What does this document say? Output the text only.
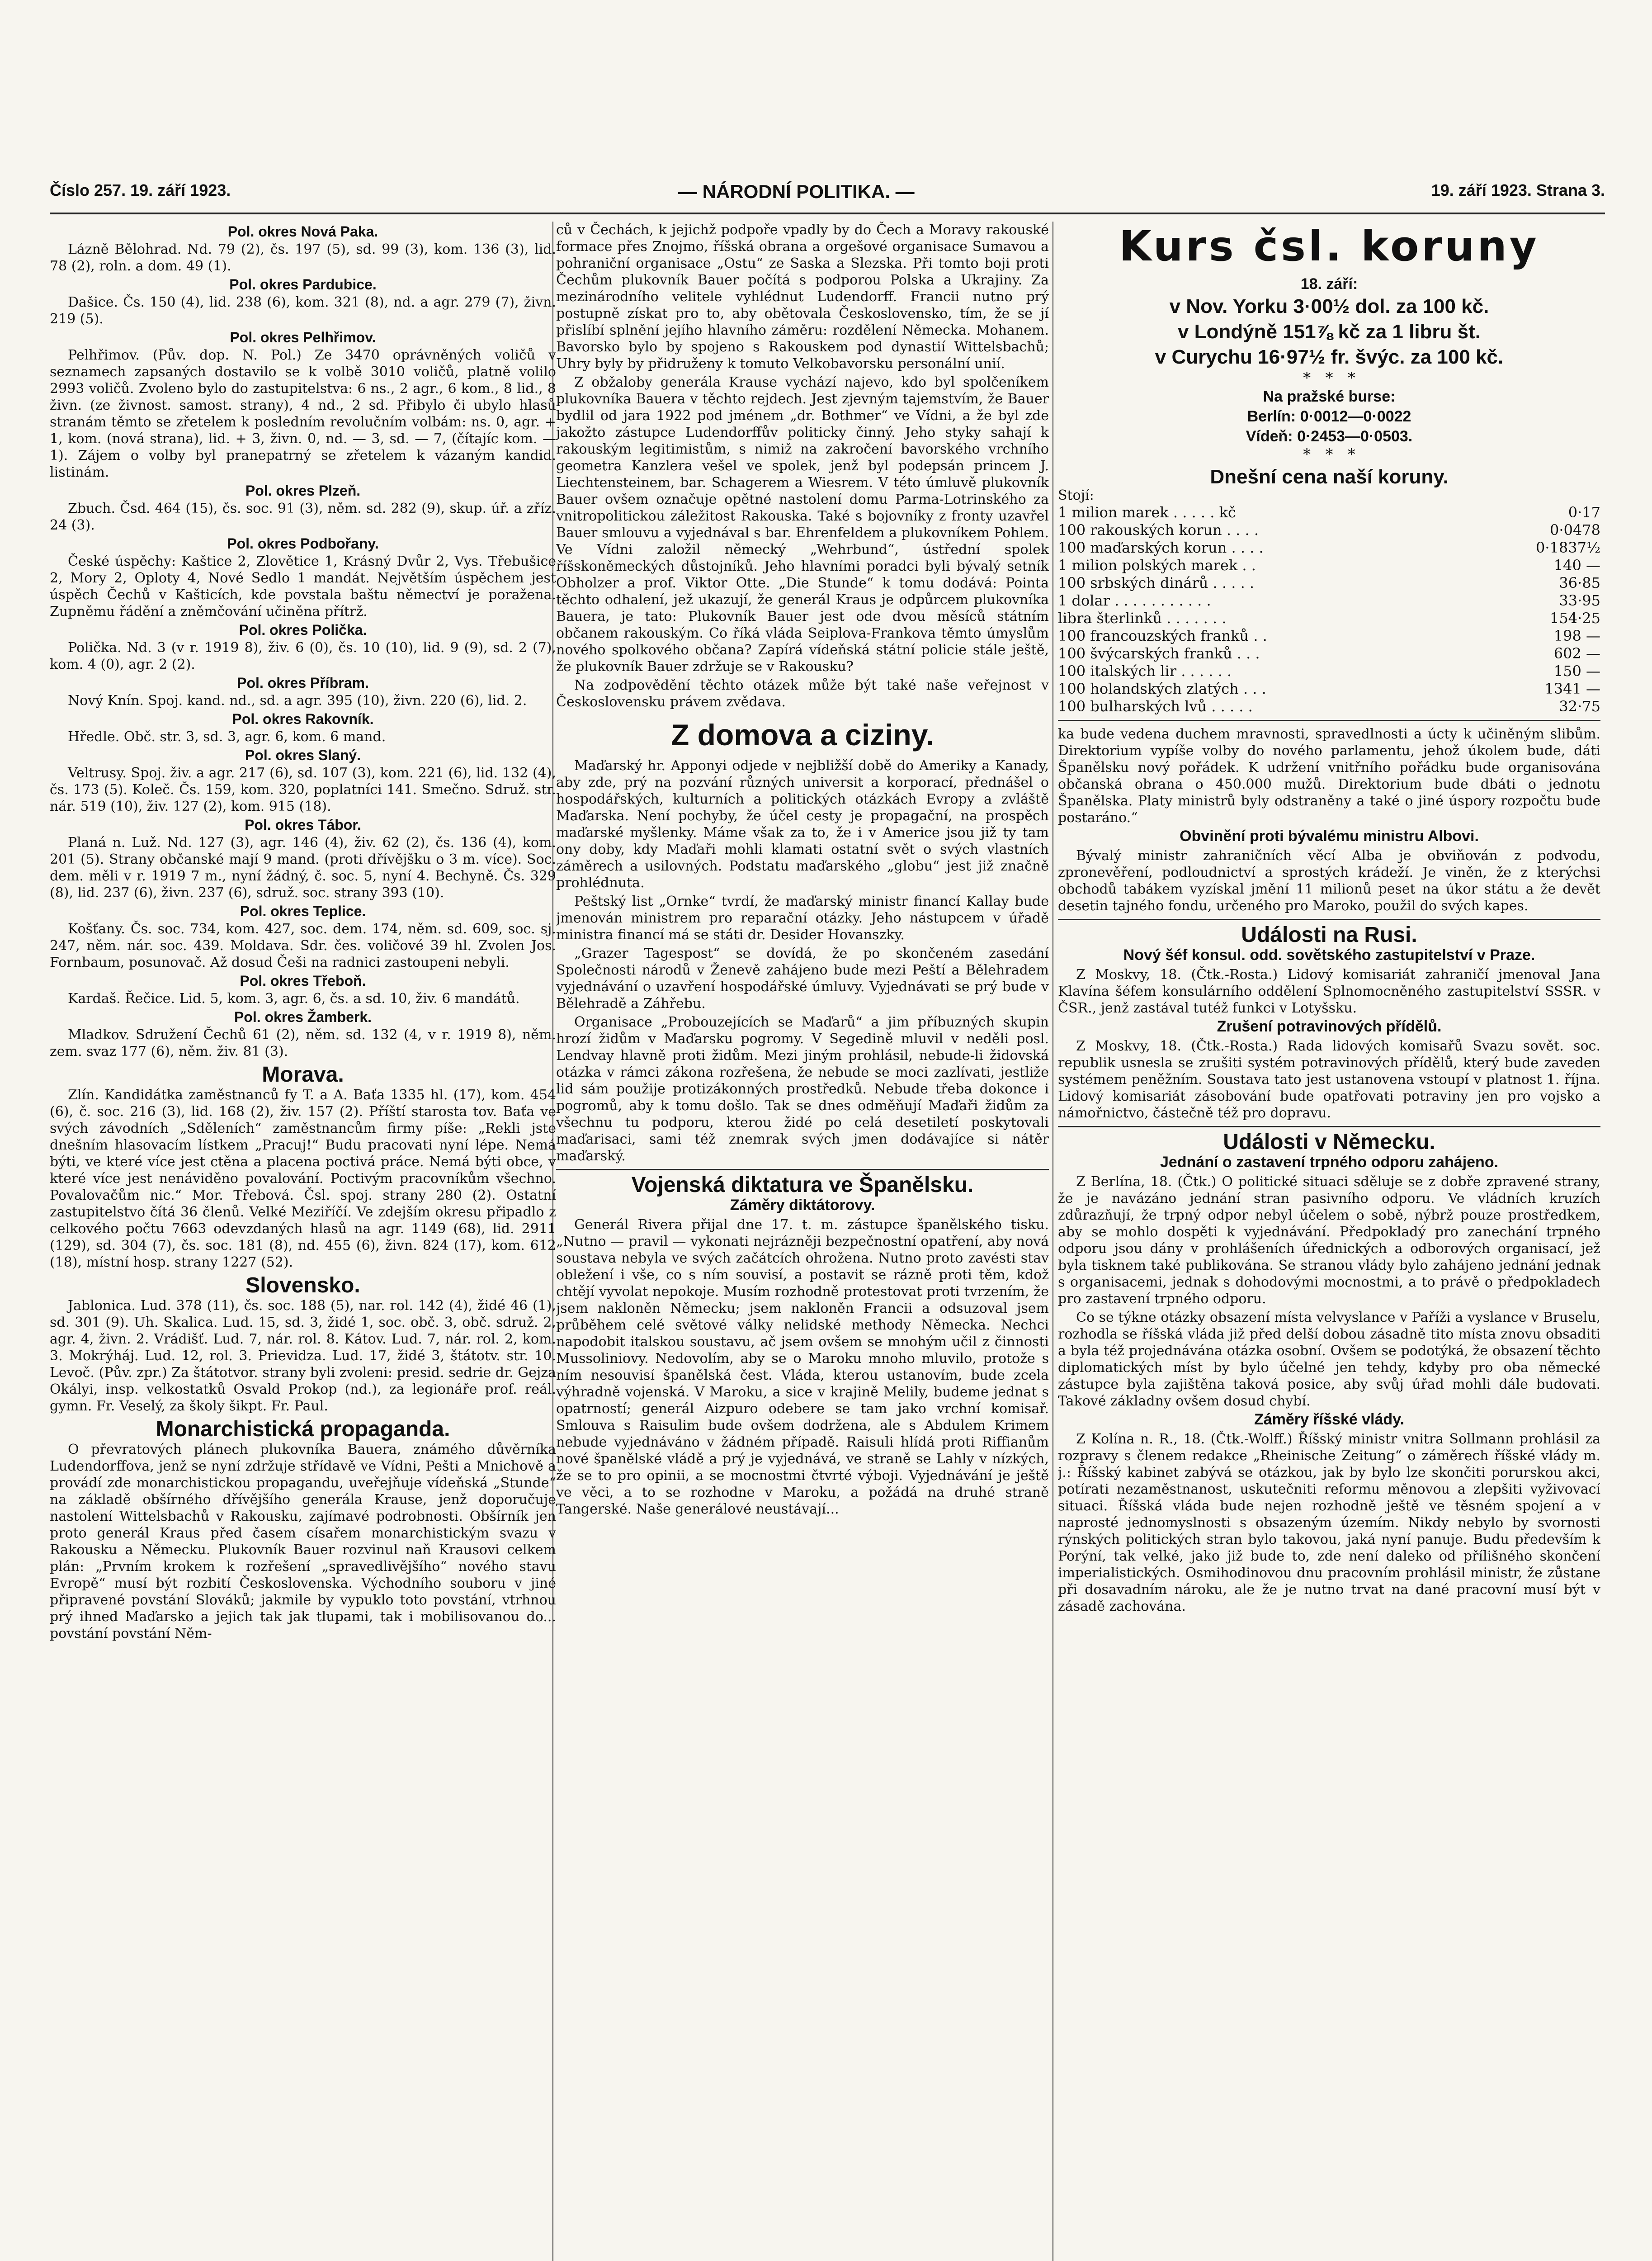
Číslo 257. 19. září 1923.	— NÁRODNÍ POLITIKA. —	19. září 1923. Strana 3.
Pol. okres Nová Paka.

Lázně Bělohrad. Nd. 79 (2), čs. 197 (5), sd. 99 (3), kom. 136 (3), lid. 78 (2), roln. a dom. 49 (1).

Pol. okres Pardubice.

Dašice. Čs. 150 (4), lid. 238 (6), kom. 321 (8), nd. a agr. 279 (7), živn. 219 (5).

Pol. okres Pelhřimov.

Pelhřimov. (Pův. dop. N. Pol.) Ze 3470 oprávněných voličů v seznamech zapsaných dostavilo se k volbě 3010 voličů, platně volilo 2993 voličů. Zvoleno bylo do zastupitelstva: 6 ns., 2 agr., 6 kom., 8 lid., 8 živn. (ze živnost. samost. strany), 4 nd., 2 sd. Přibylo či ubylo hlasů stranám těmto se zřetelem k posledním revolučním volbám: ns. 0, agr. + 1, kom. (nová strana), lid. + 3, živn. 0, nd. — 3, sd. — 7, (čítajíc kom. — 1). Zájem o volby byl pranepatrný se zřetelem k vázaným kandid. listinám.

Pol. okres Plzeň.

Zbuch. Čsd. 464 (15), čs. soc. 91 (3), něm. sd. 282 (9), skup. úř. a zříz. 24 (3).

Pol. okres Podbořany.

České úspěchy: Kaštice 2, Zlovětice 1, Krásný Dvůr 2, Vys. Třebušice 2, Mory 2, Oploty 4, Nové Sedlo 1 mandát. Největším úspěchem jest úspěch Čechů v Kašticích, kde povstala baštu němectví je poražena. Zupněmu řádění a zněmčování učiněna přítrž.

Pol. okres Polička.

Polička. Nd. 3 (v r. 1919 8), živ. 6 (0), čs. 10 (10), lid. 9 (9), sd. 2 (7), kom. 4 (0), agr. 2 (2).

Pol. okres Příbram.

Nový Knín. Spoj. kand. nd., sd. a agr. 395 (10), živn. 220 (6), lid. 2.

Pol. okres Rakovník.

Hředle. Obč. str. 3, sd. 3, agr. 6, kom. 6 mand.

Pol. okres Slaný.

Veltrusy. Spoj. živ. a agr. 217 (6), sd. 107 (3), kom. 221 (6), lid. 132 (4), čs. 173 (5). Koleč. Čs. 159, kom. 320, poplatníci 141. Smečno. Sdruž. str. nár. 519 (10), živ. 127 (2), kom. 915 (18).

Pol. okres Tábor.

Planá n. Luž. Nd. 127 (3), agr. 146 (4), živ. 62 (2), čs. 136 (4), kom. 201 (5). Strany občanské mají 9 mand. (proti dřívějšku o 3 m. více). Soc. dem. měli v r. 1919 7 m., nyní žádný, č. soc. 5, nyní 4. Bechyně. Čs. 329 (8), lid. 237 (6), živn. 237 (6), sdruž. soc. strany 393 (10).

Pol. okres Teplice.

Košťany. Čs. soc. 734, kom. 427, soc. dem. 174, něm. sd. 609, soc. sj. 247, něm. nár. soc. 439. Moldava. Sdr. čes. voličové 39 hl. Zvolen Jos. Fornbaum, posunovač. Až dosud Češi na radnici zastoupeni nebyli.

Pol. okres Třeboň.

Kardaš. Řečice. Lid. 5, kom. 3, agr. 6, čs. a sd. 10, živ. 6 mandátů.

Pol. okres Žamberk.

Mladkov. Sdružení Čechů 61 (2), něm. sd. 132 (4, v r. 1919 8), něm. zem. svaz 177 (6), něm. živ. 81 (3).

Morava.

Zlín. Kandidátka zaměstnanců fy T. a A. Baťa 1335 hl. (17), kom. 454 (6), č. soc. 216 (3), lid. 168 (2), živ. 157 (2). Příští starosta tov. Baťa ve svých závodních „Sděleních“ zaměstnancům firmy píše: „Rekli jste dnešním hlasovacím lístkem „Pracuj!“ Budu pracovati nyní lépe. Nemá býti, ve které více jest ctěna a placena poctivá práce. Nemá býti obce, v které více jest nenáviděno povalování. Poctivým pracovníkům všechno. Povalovačům nic.“ Mor. Třebová. Čsl. spoj. strany 280 (2). Ostatní zastupitelstvo čítá 36 členů. Velké Meziříčí. Ve zdejším okresu připadlo z celkového počtu 7663 odevzdaných hlasů na agr. 1149 (68), lid. 2911 (129), sd. 304 (7), čs. soc. 181 (8), nd. 455 (6), živn. 824 (17), kom. 612 (18), místní hosp. strany 1227 (52).

Slovensko.

Jablonica. Lud. 378 (11), čs. soc. 188 (5), nar. rol. 142 (4), židé 46 (1), sd. 301 (9). Uh. Skalica. Lud. 15, sd. 3, židé 1, soc. obč. 3, obč. sdruž. 2, agr. 4, živn. 2. Vrádišť. Lud. 7, nár. rol. 8. Kátov. Lud. 7, nár. rol. 2, kom. 3. Mokrýháj. Lud. 12, rol. 3. Prievidza. Lud. 17, židé 3, štátotv. str. 10. Levoč. (Pův. zpr.) Za štátotvor. strany byli zvoleni: presid. sedrie dr. Gejza Okályi, insp. velkostatků Osvald Prokop (nd.), za legionáře prof. reál. gymn. Fr. Veselý, za školy šikpt. Fr. Paul.

Monarchistická propaganda.

O převratových plánech plukovníka Bauera, známého důvěrníka Ludendorffova, jenž se nyní zdržuje střídavě ve Vídni, Pešti a Mnichově a provádí zde monarchistickou propagandu, uveřejňuje vídeňská „Stunde“ na základě obšírného dřívějšího generála Krause, jenž doporučuje nastolení Wittelsbachů v Rakousku, zajímavé podrobnosti. Obšírník jen proto generál Kraus před časem císařem monarchistickým svazu v Rakousku a Německu. Plukovník Bauer rozvinul naň Krausovi celkem plán: „Prvním krokem k rozřešení „spravedlivějšího“ nového stavu Evropě“ musí být rozbití Československa. Východního souboru v jiné připravené povstání Slováků; jakmile by vypuklo toto povstání, vtrhnou prý ihned Maďarsko a jejich tak jak tlupami, tak i mobilisovanou do... povstání povstání Něm-

ců v Čechách, k jejichž podpoře vpadly by do Čech a Moravy rakouské formace přes Znojmo, říšská obrana a orgešové organisace Sumavou a pohraniční organisace „Ostu“ ze Saska a Slezska. Při tomto boji proti Čechům plukovník Bauer počítá s podporou Polska a Ukrajiny. Za mezinárodního velitele vyhlédnut Ludendorff. Francii nutno prý postupně získat pro to, aby obětovala Československo, tím, že se jí přislíbí splnění jejího hlavního záměru: rozdělení Německa. Mohanem. Bavorsko bylo by spojeno s Rakouskem pod dynastií Wittelsbachů; Uhry byly by přidruženy k tomuto Velkobavorsku personální unií.

Z obžaloby generála Krause vychází najevo, kdo byl spolčeníkem plukovníka Bauera v těchto rejdech. Jest zjevným tajemstvím, že Bauer bydlil od jara 1922 pod jménem „dr. Bothmer“ ve Vídni, a že byl zde jakožto zástupce Ludendorffův politicky činný. Jeho styky sahají k rakouským legitimistům, s nimiž na zakročení bavorského vrchního geometra Kanzlera vešel ve spolek, jenž byl podepsán princem J. Liechtensteinem, bar. Schagerem a Wiesrem. V této úmluvě plukovník Bauer ovšem označuje opětné nastolení domu Parma-Lotrinského za vnitropolitickou záležitost Rakouska. Také s bojovníky z fronty uzavřel Bauer smlouvu a vyjednával s bar. Ehrenfeldem a plukovníkem Pohlem. Ve Vídni založil německý „Wehrbund“, ústřední spolek říšskoněmeckých důstojníků. Jeho hlavními poradci byli bývalý setník Obholzer a prof. Viktor Otte. „Die Stunde“ k tomu dodává: Pointa těchto odhalení, jež ukazují, že generál Kraus je odpůrcem plukovníka Bauera, je tato: Plukovník Bauer jest ode dvou měsíců státním občanem rakouským. Co říká vláda Seiplova-Frankova těmto úmyslům nového spolkového občana? Zapírá vídeňská státní policie stále ještě, že plukovník Bauer zdržuje se v Rakousku?

Na zodpovědění těchto otázek může být také naše veřejnost v Československu právem zvědava.

Z domova a ciziny.

Maďarský hr. Apponyi odjede v nejbližší době do Ameriky a Kanady, aby zde, prý na pozvání různých universit a korporací, přednášel o hospodářských, kulturních a politických otázkách Evropy a zvláště Maďarska. Není pochyby, že účel cesty je propagační, na prospěch maďarské myšlenky. Máme však za to, že i v Americe jsou již ty tam ony doby, kdy Maďaři mohli klamati ostatní svět o svých vlastních záměrech a usilovných. Podstatu maďarského „globu“ jest již značně prohlédnuta.

Peštský list „Ornke“ tvrdí, že maďarský ministr financí Kallay bude jmenován ministrem pro reparační otázky. Jeho nástupcem v úřadě ministra financí má se státi dr. Desider Hovanszky.

„Grazer Tagespost“ se dovídá, že po skončeném zasedání Společnosti národů v Ženevě zahájeno bude mezi Peští a Bělehradem vyjednávání o uzavření hospodářské úmluvy. Vyjednávati se prý bude v Bělehradě a Záhřebu.

Organisace „Probouzejících se Maďarů“ a jim příbuzných skupin hrozí židům v Maďarsku pogromy. V Segedině mluvil v neděli posl. Lendvay hlavně proti židům. Mezi jiným prohlásil, nebude-li židovská otázka v rámci zákona rozřešena, že nebude se moci zazlívati, jestliže lid sám použije protizákonných prostředků. Nebude třeba dokonce i pogromů, aby k tomu došlo. Tak se dnes odměňují Maďaři židům za všechnu tu podporu, kterou židé po celá desetiletí poskytovali maďarisaci, sami též znemrak svých jmen dodávajíce si nátěr maďarský.

Vojenská diktatura ve Španělsku.
Záměry diktátorovy.

Generál Rivera přijal dne 17. t. m. zástupce španělského tisku. „Nutno — pravil — vykonati nejrázněji bezpečnostní opatření, aby nová soustava nebyla ve svých začátcích ohrožena. Nutno proto zavésti stav obležení i vše, co s ním souvisí, a postavit se rázně proti těm, kdož chtějí vyvolat nepokoje. Musím rozhodně protestovat proti tvrzením, že jsem nakloněn Německu; jsem nakloněn Francii a odsuzoval jsem průběhem celé světové války nelidské methody Německa. Nechci napodobit italskou soustavu, ač jsem ovšem se mnohým učil z činnosti Mussoliniovy. Nedovolím, aby se o Maroku mnoho mluvilo, protože s ním nesouvisí španělská čest. Vláda, kterou ustanovím, bude zcela výhradně vojenská. V Maroku, a sice v krajině Melily, budeme jednat s opatrností; generál Aizpuro odebere se tam jako vrchní komisař. Smlouva s Raisulim bude ovšem dodržena, ale s Abdulem Krimem nebude vyjednáváno v žádném případě. Raisuli hlídá proti Riffianům nové španělské vládě a prý je vyjednává, ve straně se Lahly v nízkých, že se to pro opinii, a se mocnostmi čtvrté výboji. Vyjednávání je ještě ve věci, a to se rozhodne v Maroku, a požádá na druhé straně Tangerské. Naše generálové neustávají...

Kurs čsl. koruny
18. září:
v Nov. Yorku 3·00½ dol. za 100 kč.
v Londýně 151⅞ kč za 1 libru št.
v Curychu 16·97½ fr. švýc. za 100 kč.
*   *   *
Na pražské burse:
Berlín: 0·0012—0·0022
Vídeň: 0·2453—0·0503.
*   *   *
Dnešní cena naší koruny.
Stojí:
1 milion marek . . . . . kč	0·17
100 rakouských korun . . . .	0·0478
100 maďarských korun . . . .	0·1837½
1 milion polských marek . .	140 —
100 srbských dinárů . . . . .	36·85
1 dolar . . . . . . . . . . .	33·95
libra šterlinků . . . . . . .	154·25
100 francouzských franků . .	198 —
100 švýcarských franků . . .	602 —
100 italských lir . . . . . .	150 —
100 holandských zlatých . . .	1341 —
100 bulharských lvů . . . . .	32·75

ka bude vedena duchem mravnosti, spravedlnosti a úcty k učiněným slibům. Direktorium vypíše volby do nového parlamentu, jehož úkolem bude, dáti Španělsku nový pořádek. K udržení vnitřního pořádku bude organisována občanská obrana o 450.000 mužů. Direktorium bude dbáti o jednotu Španělska. Platy ministrů byly odstraněny a také o jiné úspory rozpočtu bude postaráno.“

Obvinění proti bývalému ministru Albovi.

Bývalý ministr zahraničních věcí Alba je obviňován z podvodu, zpronevěření, podloudnictví a sprostých krádeží. Je viněn, že z kterýchsi obchodů tabákem vyzískal jmění 11 milionů peset na úkor státu a že devět desetin tajného fondu, určeného pro Maroko, použil do svých kapes.

Události na Rusi.
Nový šéf konsul. odd. sovětského zastupitelství v Praze.

Z Moskvy, 18. (Čtk.-Rosta.) Lidový komisariát zahraničí jmenoval Jana Klavína šéfem konsulárního oddělení Splnomocněného zastupitelství SSSR. v ČSR., jenž zastával tutéž funkci v Lotyšsku.

Zrušení potravinových přídělů.

Z Moskvy, 18. (Čtk.-Rosta.) Rada lidových komisařů Svazu sovět. soc. republik usnesla se zrušiti systém potravinových přídělů, který bude zaveden systémem peněžním. Soustava tato jest ustanovena vstoupí v platnost 1. října. Lidový komisariát zásobování bude opatřovati potraviny jen pro vojsko a námořnictvo, částečně též pro dopravu.

Události v Německu.
Jednání o zastavení trpného odporu zahájeno.

Z Berlína, 18. (Čtk.) O politické situaci sděluje se z dobře zpravené strany, že je navázáno jednání stran pasivního odporu. Ve vládních kruzích zdůrazňují, že trpný odpor nebyl účelem o sobě, nýbrž pouze prostředkem, aby se mohlo dospěti k vyjednávání. Předpokladý pro zanechání trpného odporu jsou dány v prohlášeních úřednických a odborových organisací, jež byla tisknem také publikována. Se stranou vlády bylo zahájeno jednání jednak s organisacemi, jednak s dohodovými mocnostmi, a to právě o předpokladech pro zastavení trpného odporu.

Co se týkne otázky obsazení místa velvyslance v Paříži a vyslance v Bruselu, rozhodla se říšská vláda již před delší dobou zásadně tito místa znovu obsaditi a byla též projednávána otázka osobní. Ovšem se podotýká, že obsazení těchto diplomatických míst by bylo účelné jen tehdy, kdyby pro oba německé zástupce byla zajištěna taková posice, aby svůj úřad mohli dále budovati. Takové základny ovšem dosud chybí.

Záměry říšské vlády.

Z Kolína n. R., 18. (Čtk.-Wolff.) Říšský ministr vnitra Sollmann prohlásil za rozpravy s členem redakce „Rheinische Zeitung“ o záměrech říšské vlády m. j.: Říšský kabinet zabývá se otázkou, jak by bylo lze skončiti porurskou akci, potírati nezaměstnanost, uskutečniti reformu měnovou a zlepšiti vyživovací situaci. Říšská vláda bude nejen rozhodně ještě ve těsném spojení a v naprosté jednomyslnosti s obsazeným územím. Nikdy nebylo by svornosti rýnských politických stran bylo takovou, jaká nyní panuje. Budu především k Porýní, tak velké, jako již bude to, zde není daleko od přílišného skončení imperialistických. Osmihodinovou dnu pracovním prohlásil ministr, že zůstane při dosavadním nároku, ale že je nutno trvat na dané pracovní musí být v zásadě zachována.
